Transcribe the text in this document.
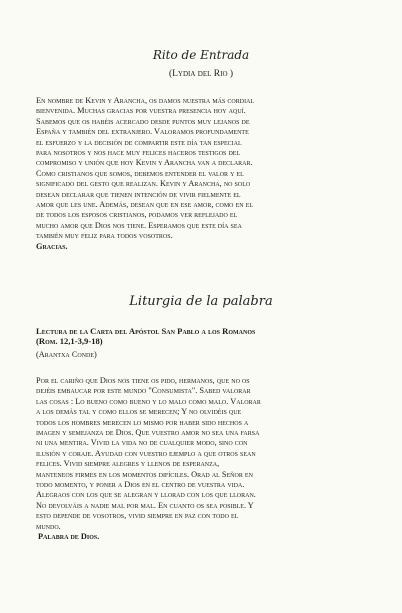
Rito de Entrada
(Lydia del Rio )
En nombre de Kevin y Arancha, os damos nuestra más cordial
bienvenida. Muchas gracias por vuestra presencia hoy aquí.
Sabemos que os habéis acercado desde puntos muy lejanos de
España y también del extranjero. Valoramos profundamente
el esfuerzo y la decisión de compartir este día tan especial
para nosotros y nos hace muy felices haceros testigos del
compromiso y unión que hoy Kevin y Arancha van a declarar.
Como cristianos que somos, debemos entender el valor y el
significado del gesto que realizan. Kevin y Arancha, no solo
desean declarar que tienen intención de vivir fielmente el
amor que les une. Además, desean que en ese amor, como en el
de todos los esposos cristianos, podamos ver reflejado el
mucho amor que Dios nos tiene. Esperamos que este día sea
también muy feliz para todos vosotros.
Gracias.
Liturgia de la palabra
Lectura de la Carta del Apóstol San Pablo a los Romanos
(Rom. 12,1-3,9-18)
(Arantxa Conde)
Por el cariño que Dios nos tiene os pido, hermanos, que no os
dejéis embaucar por este mundo "Consumista". Sabed valorar
las cosas : Lo bueno como bueno y lo malo como malo. Valorar
a los demás tal y como ellos se merecen; Y no olvidéis que
todos los hombres merecen lo mismo por haber sido hechos a
imagen y semejanza de Dios. Que vuestro amor no sea una farsa
ni una mentira. Vivid la vida no de cualquier modo, sino con
ilusión y coraje. Ayudad con vuestro ejemplo a que otros sean
felices. Vivid siempre alegres y llenos de esperanza,
manteneos firmes en los momentos difíciles. Orad al Señor en
todo momento, y poner a Dios en el centro de vuestra vida.
Alegraos con los que se alegran y llorad con los que lloran.
No devolváis a nadie mal por mal. En cuanto os sea posible. Y
esto depende de vosotros, vivid siempre en paz con todo el
mundo.
Palabra de Dios.
